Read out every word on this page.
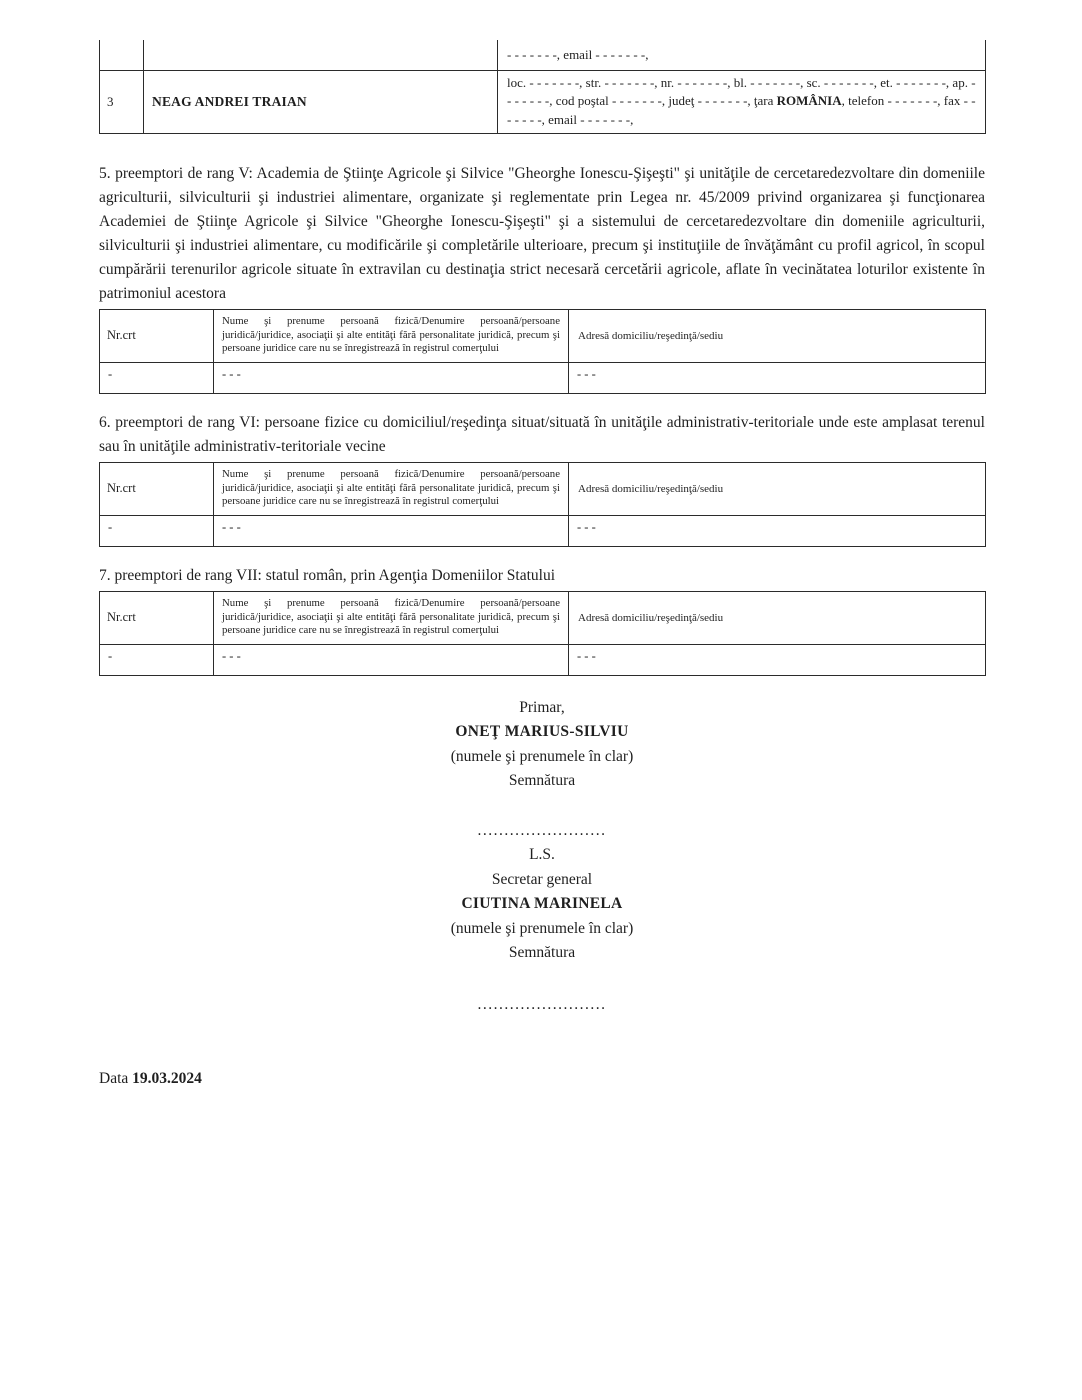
		- - - - - - -, email - - - - - - -,
3	NEAG ANDREI TRAIAN	loc. - - - - - - -, str. - - - - - - -, nr. - - - - - - -, bl. - - - - - - -, sc. - - - - - - -, et. - - - - - - -, ap. - - - - - - -, cod poştal - - - - - - -, judeţ - - - - - - -, ţara ROMÂNIA, telefon - - - - - - -, fax - - - - - - -, email - - - - - - -,

5. preemptori de rang V: Academia de Ştiinţe Agricole şi Silvice "Gheorghe Ionescu-Şişeşti" şi unităţile de cercetaredezvoltare din domeniile agriculturii, silviculturii şi industriei alimentare, organizate şi reglementate prin Legea nr. 45/2009 privind organizarea şi funcţionarea Academiei de Ştiinţe Agricole şi Silvice "Gheorghe Ionescu-Şişeşti" şi a sistemului de cercetaredezvoltare din domeniile agriculturii, silviculturii şi industriei alimentare, cu modificările şi completările ulterioare, precum şi instituţiile de învăţământ cu profil agricol, în scopul cumpărării terenurilor agricole situate în extravilan cu destinaţia strict necesară cercetării agricole, aflate în vecinătatea loturilor existente în patrimoniul acestora

Nr.crt	Nume şi prenume persoană fizică/Denumire persoană/persoane juridică/juridice, asociaţii şi alte entităţi fără personalitate juridică, precum şi persoane juridice care nu se înregistrează în registrul comerţului	Adresă domiciliu/reşedinţă/sediu
-	- - -	- - -

6. preemptori de rang VI: persoane fizice cu domiciliul/reşedinţa situat/situată în unităţile administrativ-teritoriale unde este amplasat terenul sau în unităţile administrativ-teritoriale vecine

Nr.crt	Nume şi prenume persoană fizică/Denumire persoană/persoane juridică/juridice, asociaţii şi alte entităţi fără personalitate juridică, precum şi persoane juridice care nu se înregistrează în registrul comerţului	Adresă domiciliu/reşedinţă/sediu
-	- - -	- - -

7. preemptori de rang VII: statul român, prin Agenţia Domeniilor Statului

Nr.crt	Nume şi prenume persoană fizică/Denumire persoană/persoane juridică/juridice, asociaţii şi alte entităţi fără personalitate juridică, precum şi persoane juridice care nu se înregistrează în registrul comerţului	Adresă domiciliu/reşedinţă/sediu
-	- - -	- - -
Primar,
ONEŢ MARIUS-SILVIU
(numele şi prenumele în clar)
Semnătura
........................
L.S.
Secretar general
CIUTINA MARINELA
(numele şi prenumele în clar)
Semnătura
........................

Data 19.03.2024
